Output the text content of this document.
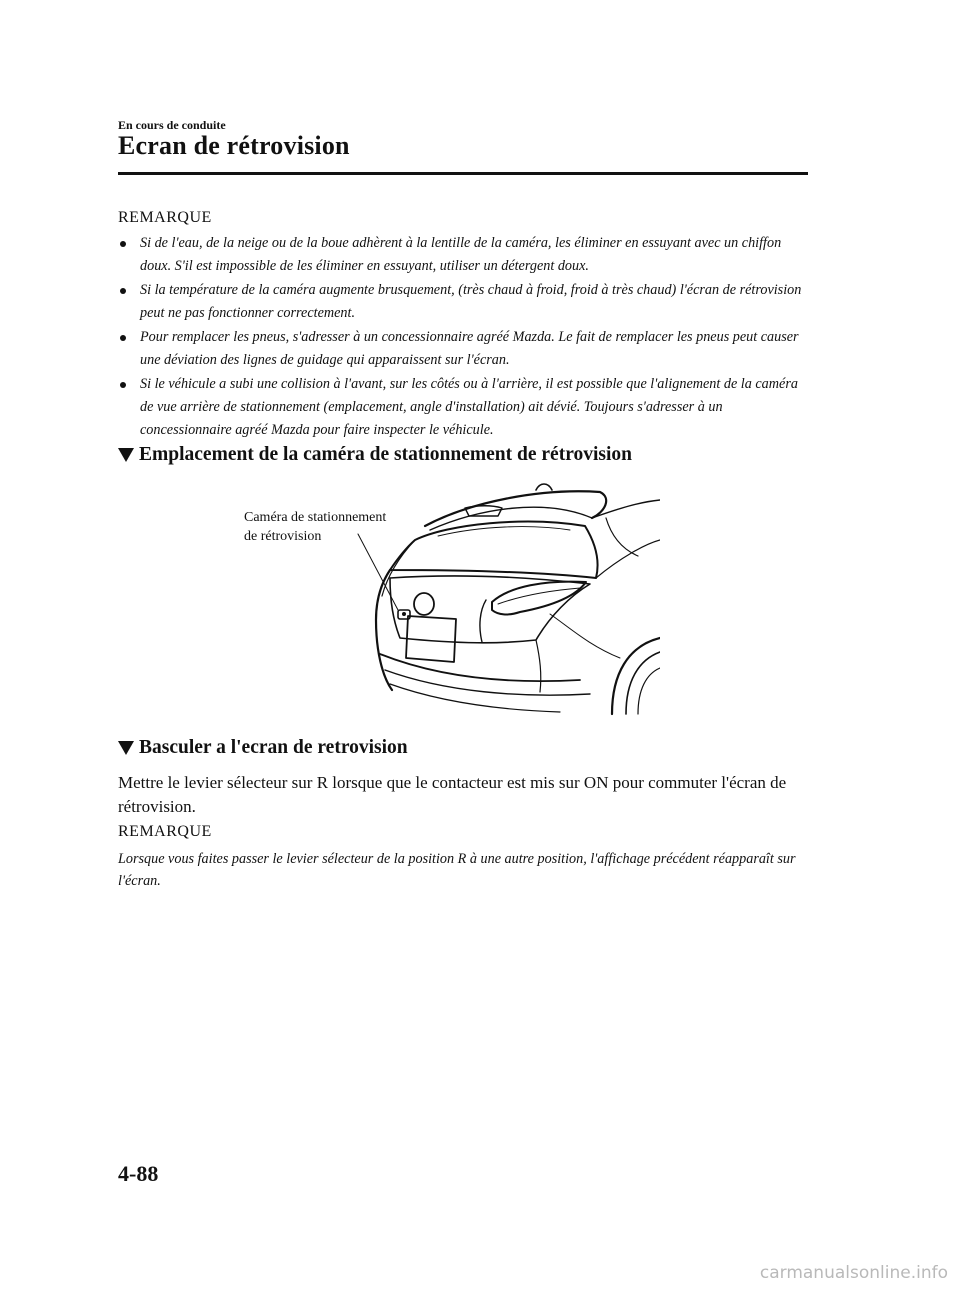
En cours de conduite
Ecran de rétrovision
REMARQUE
Si de l'eau, de la neige ou de la boue adhèrent à la lentille de la caméra, les éliminer en essuyant avec un chiffon doux. S'il est impossible de les éliminer en essuyant, utiliser un détergent doux.
Si la température de la caméra augmente brusquement, (très chaud à froid, froid à très chaud) l'écran de rétrovision peut ne pas fonctionner correctement.
Pour remplacer les pneus, s'adresser à un concessionnaire agréé Mazda. Le fait de remplacer les pneus peut causer une déviation des lignes de guidage qui apparaissent sur l'écran.
Si le véhicule a subi une collision à l'avant, sur les côtés ou à l'arrière, il est possible que l'alignement de la caméra de vue arrière de stationnement (emplacement, angle d'installation) ait dévié. Toujours s'adresser à un concessionnaire agréé Mazda pour faire inspecter le véhicule.
Emplacement de la caméra de stationnement de rétrovision
Caméra de stationnement
de rétrovision
Basculer a l'ecran de retrovision

Mettre le levier sélecteur sur R lorsque que le contacteur est mis sur ON pour commuter l'écran de rétrovision.

REMARQUE

Lorsque vous faites passer le levier sélecteur de la position R à une autre position, l'affichage précédent réapparaît sur l'écran.

4-88
carmanualsonline.info
